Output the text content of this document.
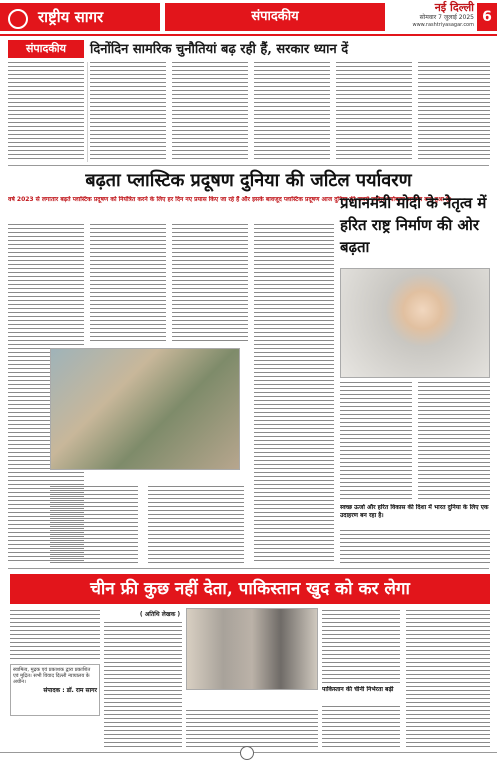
राष्ट्रीय सागर	संपादकीय
नई दिल्ली
सोमवार 7 जुलाई 2025
www.rashtriyasagar.com 6
संपादकीय	दिनोंदिन सामरिक चुनौतियां बढ़ रही हैं, सरकार ध्यान दें
बढ़ता प्लास्टिक प्रदूषण दुनिया की जटिल पर्यावरण
वर्ष 2023 से लगातार बढ़ते प्लास्टिक प्रदूषण को नियंत्रित करने के लिए हर दिन नए प्रयास किए जा रहे हैं और इसके बावजूद प्लास्टिक प्रदूषण आज दुनिया की सबसे जटिल पर्यावरण समस्या बना हुआ है।
प्रधानमंत्री मोदी के नेतृत्व में हरित राष्ट्र निर्माण की ओर बढ़ता
स्वच्छ ऊर्जा और हरित विकास की दिशा में भारत दुनिया के लिए एक उदाहरण बन रहा है।
चीन फ्री कुछ नहीं देता, पाकिस्तान खुद को कर लेगा
( अतिथि लेखक )
पाकिस्तान की चीनी निर्भरता बढ़ी
स्वामित्व, मुद्रक एवं प्रकाशक द्वारा प्रकाशित एवं मुद्रित। सभी विवाद दिल्ली न्यायालय के अधीन।
संपादक : डॉ. राम सागर
